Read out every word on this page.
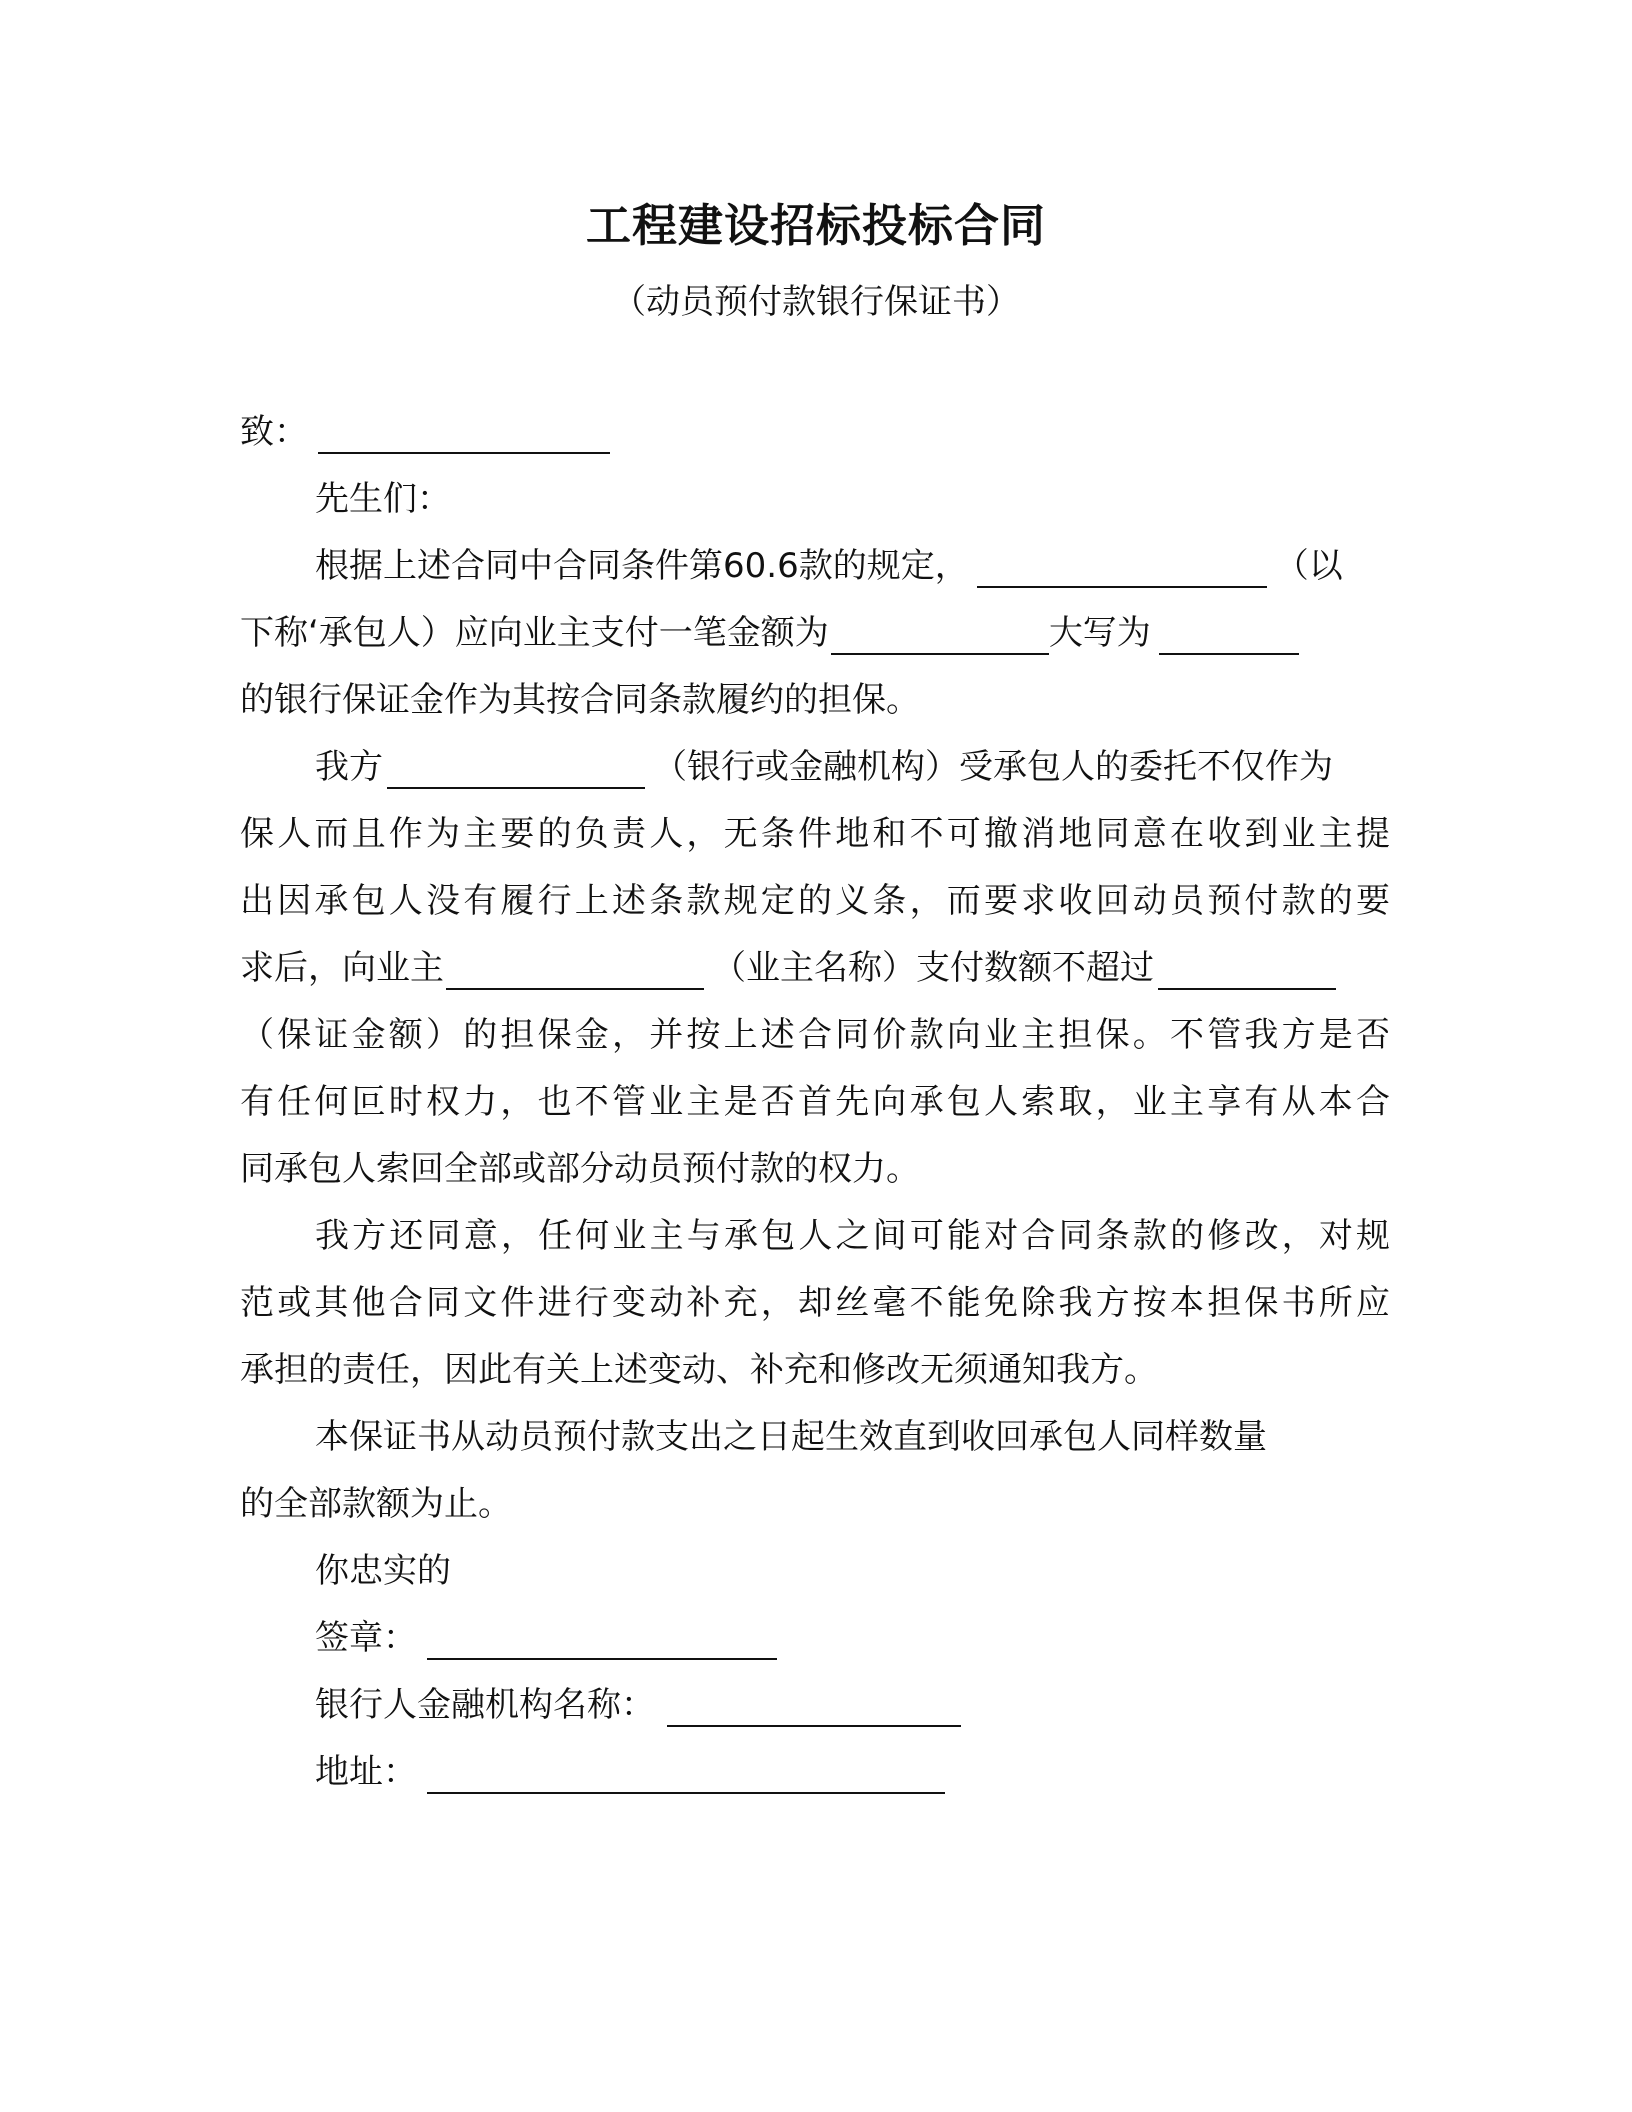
工程建设招标投标合同
（动员预付款银行保证书）
致：
先生们：
根据上述合同中合同条件第60.6款的规定，	（以
下称‘承包人）应向业主支付一笔金额为	大写为
的银行保证金作为其按合同条款履约的担保。
我方	（银行或金融机构）受承包人的委托不仅作为
保人而且作为主要的负责人，无条件地和不可撤消地同意在收到业主提
出因承包人没有履行上述条款规定的义条，而要求收回动员预付款的要
求后，向业主	（业主名称）支付数额不超过
（保证金额）的担保金，并按上述合同价款向业主担保。不管我方是否
有任何叵时权力，也不管业主是否首先向承包人索取，业主享有从本合
同承包人索回全部或部分动员预付款的权力。
我方还同意，任何业主与承包人之间可能对合同条款的修改，对规
范或其他合同文件进行变动补充，却丝毫不能免除我方按本担保书所应
承担的责任，因此有关上述变动、补充和修改无须通知我方。
本保证书从动员预付款支出之日起生效直到收回承包人同样数量
的全部款额为止。
你忠实的
签章：
银行人金融机构名称：
地址：
